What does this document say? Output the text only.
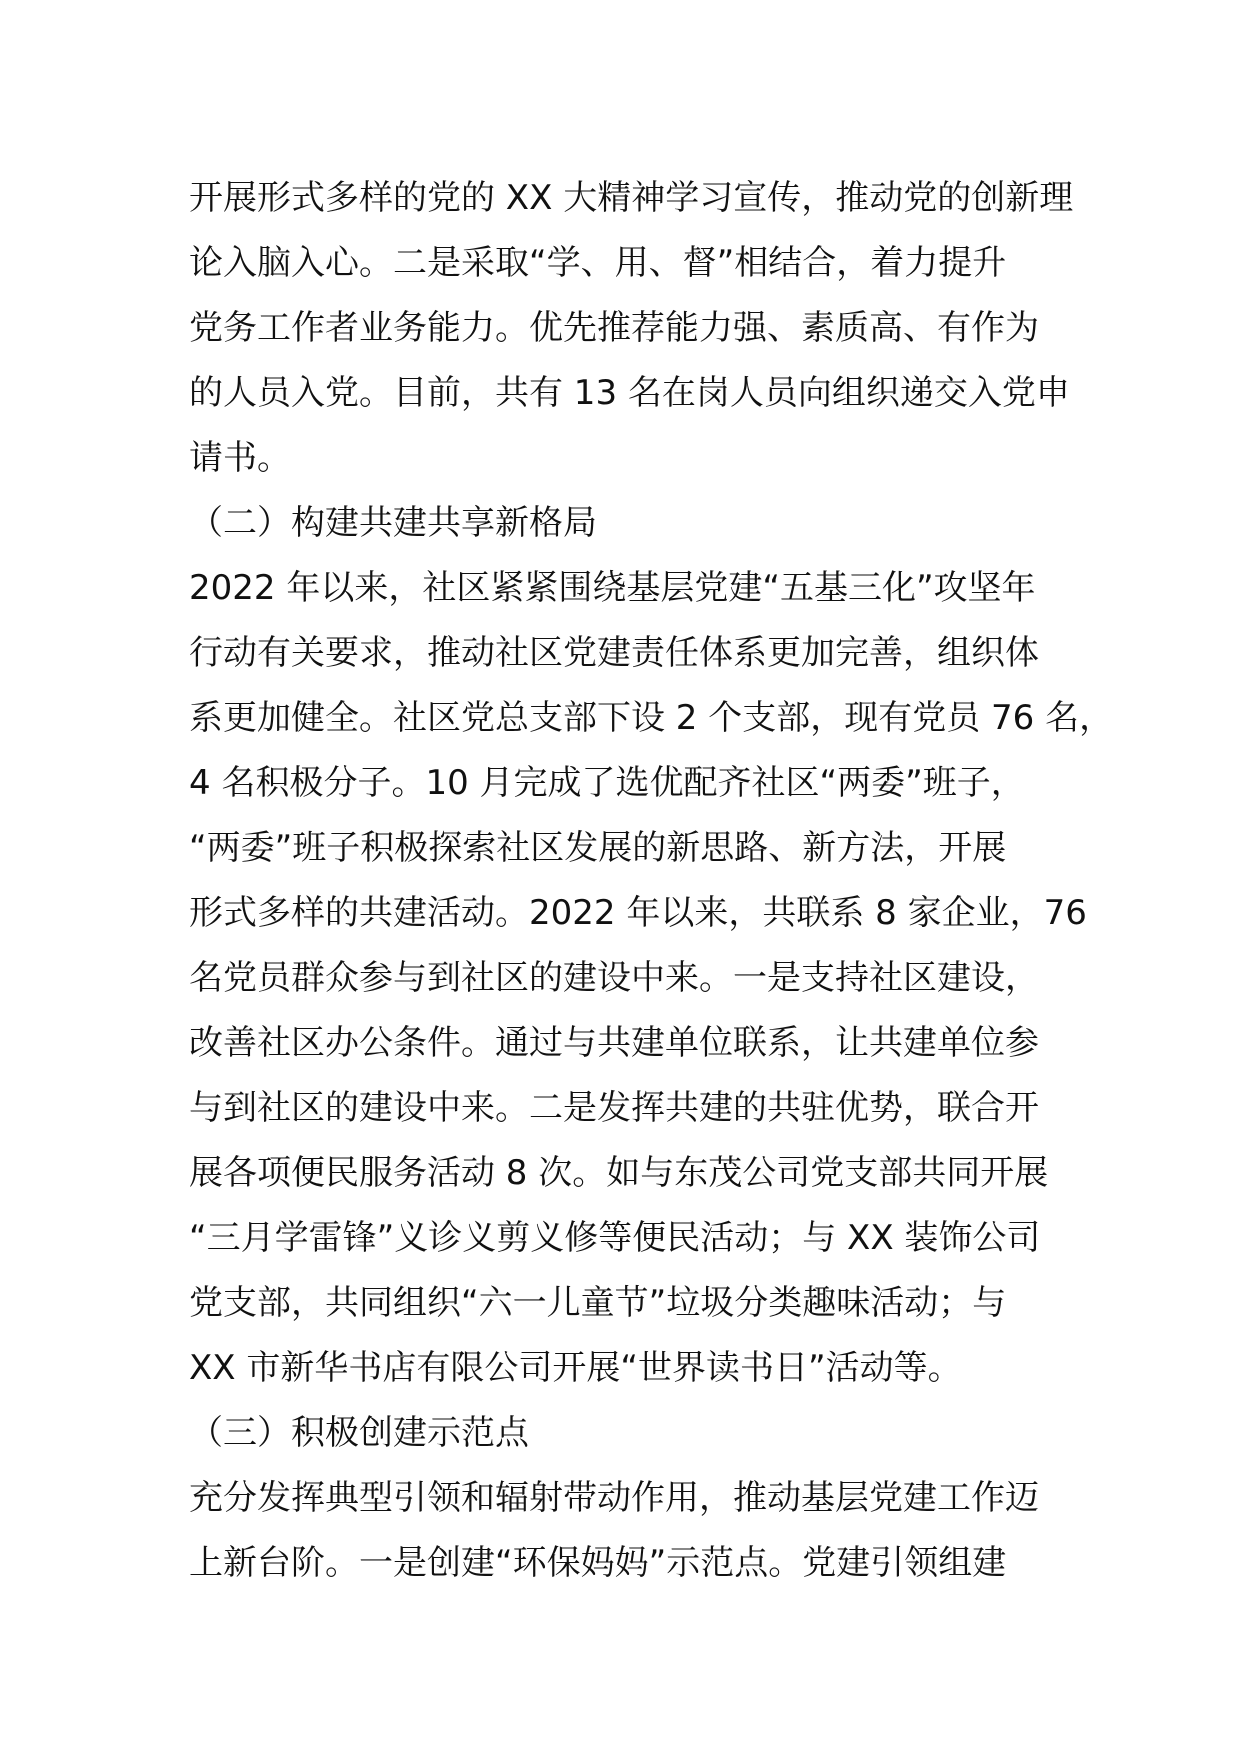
开展形式多样的党的 XX 大精神学习宣传，推动党的创新理
论入脑入心。二是采取“学、用、督”相结合，着力提升
党务工作者业务能力。优先推荐能力强、素质高、有作为
的人员入党。目前，共有 13 名在岗人员向组织递交入党申
请书。
（二）构建共建共享新格局
2022 年以来，社区紧紧围绕基层党建“五基三化”攻坚年
行动有关要求，推动社区党建责任体系更加完善，组织体
系更加健全。社区党总支部下设 2 个支部，现有党员 76 名，
4 名积极分子。10 月完成了选优配齐社区“两委”班子，
“两委”班子积极探索社区发展的新思路、新方法，开展
形式多样的共建活动。2022 年以来，共联系 8 家企业，76
名党员群众参与到社区的建设中来。一是支持社区建设，
改善社区办公条件。通过与共建单位联系，让共建单位参
与到社区的建设中来。二是发挥共建的共驻优势，联合开
展各项便民服务活动 8 次。如与东茂公司党支部共同开展
“三月学雷锋”义诊义剪义修等便民活动；与 XX 装饰公司
党支部，共同组织“六一儿童节”垃圾分类趣味活动；与
XX 市新华书店有限公司开展“世界读书日”活动等。
（三）积极创建示范点
充分发挥典型引领和辐射带动作用，推动基层党建工作迈
上新台阶。一是创建“环保妈妈”示范点。党建引领组建
